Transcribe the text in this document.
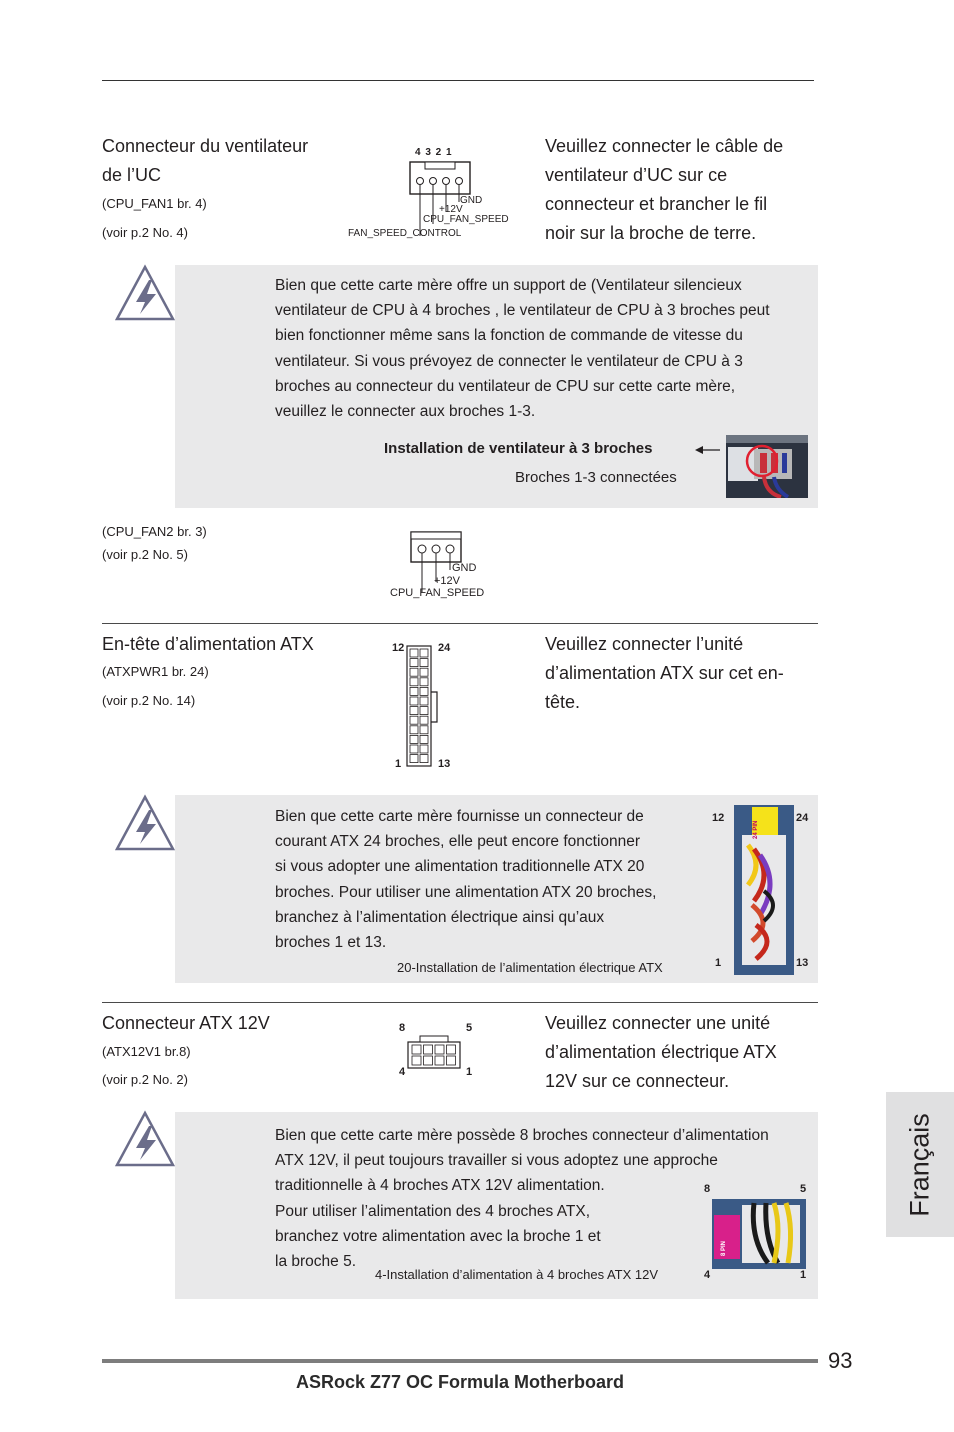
Connecteur du ventilateur
de l’UC
(CPU_FAN1 br. 4)
(voir p.2 No. 4)
Veuillez connecter le câble de
ventilateur d’UC sur ce
connecteur et brancher le fil
noir sur la broche de terre.
4 3 2 1
GND
+12V
CPU_FAN_SPEED
FAN_SPEED_CONTROL
Bien que cette carte mère offre un support de (Ventilateur silencieux
ventilateur de CPU à 4 broches , le ventilateur de CPU à 3 broches peut
bien fonctionner même sans la fonction de commande de vitesse du
ventilateur. Si vous prévoyez de connecter le ventilateur de CPU à 3
broches au connecteur du ventilateur de CPU sur cette carte mère,
veuillez le connecter aux broches 1-3.
Installation de ventilateur à 3 broches
Broches 1-3 connectées
(CPU_FAN2 br. 3)
(voir p.2 No. 5)
GND
+12V
CPU_FAN_SPEED
En-tête d’alimentation ATX
(ATXPWR1 br. 24)
(voir p.2 No. 14)
Veuillez connecter l’unité
d’alimentation ATX sur cet en-
tête.
12	24
1	13
Bien que cette carte mère fournisse un connecteur de
courant ATX 24 broches, elle peut encore fonctionner
si vous adopter une alimentation traditionnelle ATX 20
broches. Pour utiliser une alimentation ATX 20 broches,
branchez à l’alimentation électrique ainsi qu’aux
broches 1 et 13.
20-Installation de l’alimentation électrique ATX
12	24
1	13
24 PIN
Connecteur ATX 12V
(ATX12V1 br.8)
(voir p.2 No. 2)
Veuillez connecter une unité
d’alimentation électrique ATX
12V sur ce connecteur.
8	5
4	1
Bien que cette carte mère possède 8 broches connecteur d’alimentation
ATX 12V, il peut toujours travailler si vous adoptez une approche
traditionnelle à 4 broches ATX 12V alimentation.
Pour utiliser l’alimentation des 4 broches ATX,
branchez votre alimentation avec la broche 1 et
la broche 5.
4-Installation d’alimentation à 4 broches ATX 12V
8	5
4	1
8 PIN
Français
93
ASRock Z77 OC Formula Motherboard
